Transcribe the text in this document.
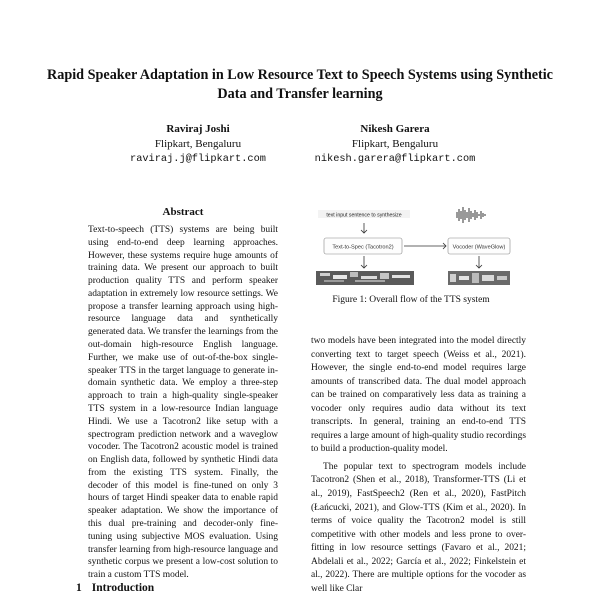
Rapid Speaker Adaptation in Low Resource Text to Speech Systems using Synthetic Data and Transfer learning
Raviraj Joshi
Flipkart, Bengaluru
raviraj.j@flipkart.com
Nikesh Garera
Flipkart, Bengaluru
nikesh.garera@flipkart.com
Abstract
Text-to-speech (TTS) systems are being built using end-to-end deep learning approaches. However, these systems require huge amounts of training data. We present our approach to built production quality TTS and perform speaker adaptation in extremely low resource settings. We propose a transfer learning approach using high-resource language data and synthetically generated data. We transfer the learnings from the out-domain high-resource English language. Further, we make use of out-of-the-box single-speaker TTS in the target language to generate in-domain synthetic data. We employ a three-step approach to train a high-quality single-speaker TTS system in a low-resource Indian language Hindi. We use a Tacotron2 like setup with a spectrogram prediction network and a waveglow vocoder. The Tacotron2 acoustic model is trained on English data, followed by synthetic Hindi data from the existing TTS system. Finally, the decoder of this model is fine-tuned on only 3 hours of target Hindi speaker data to enable rapid speaker adaptation. We show the importance of this dual pre-training and decoder-only fine-tuning using subjective MOS evaluation. Using transfer learning from high-resource language and synthetic corpus we present a low-cost solution to train a custom TTS model.
1 Introduction
text input sentence to synthesize
Text-to-Spec (Tacotron2)	Vocoder (WaveGlow)
Figure 1: Overall flow of the TTS system

two models have been integrated into the model directly converting text to target speech (Weiss et al., 2021). However, the single end-to-end model requires large amounts of transcribed data. The dual model approach can be trained on comparatively less data as training a vocoder only requires audio data without its text transcripts. In general, training an end-to-end TTS requires a large amount of high-quality studio recordings to build a production-quality model.

The popular text to spectrogram models include Tacotron2 (Shen et al., 2018), Transformer-TTS (Li et al., 2019), FastSpeech2 (Ren et al., 2020), FastPitch (Łańcucki, 2021), and Glow-TTS (Kim et al., 2020). In terms of voice quality the Tacotron2 model is still competitive with other models and less prone to over-fitting in low resource settings (Favaro et al., 2021; Abdelali et al., 2022; García et al., 2022; Finkelstein et al., 2022). There are multiple options for the vocoder as well like Clar
